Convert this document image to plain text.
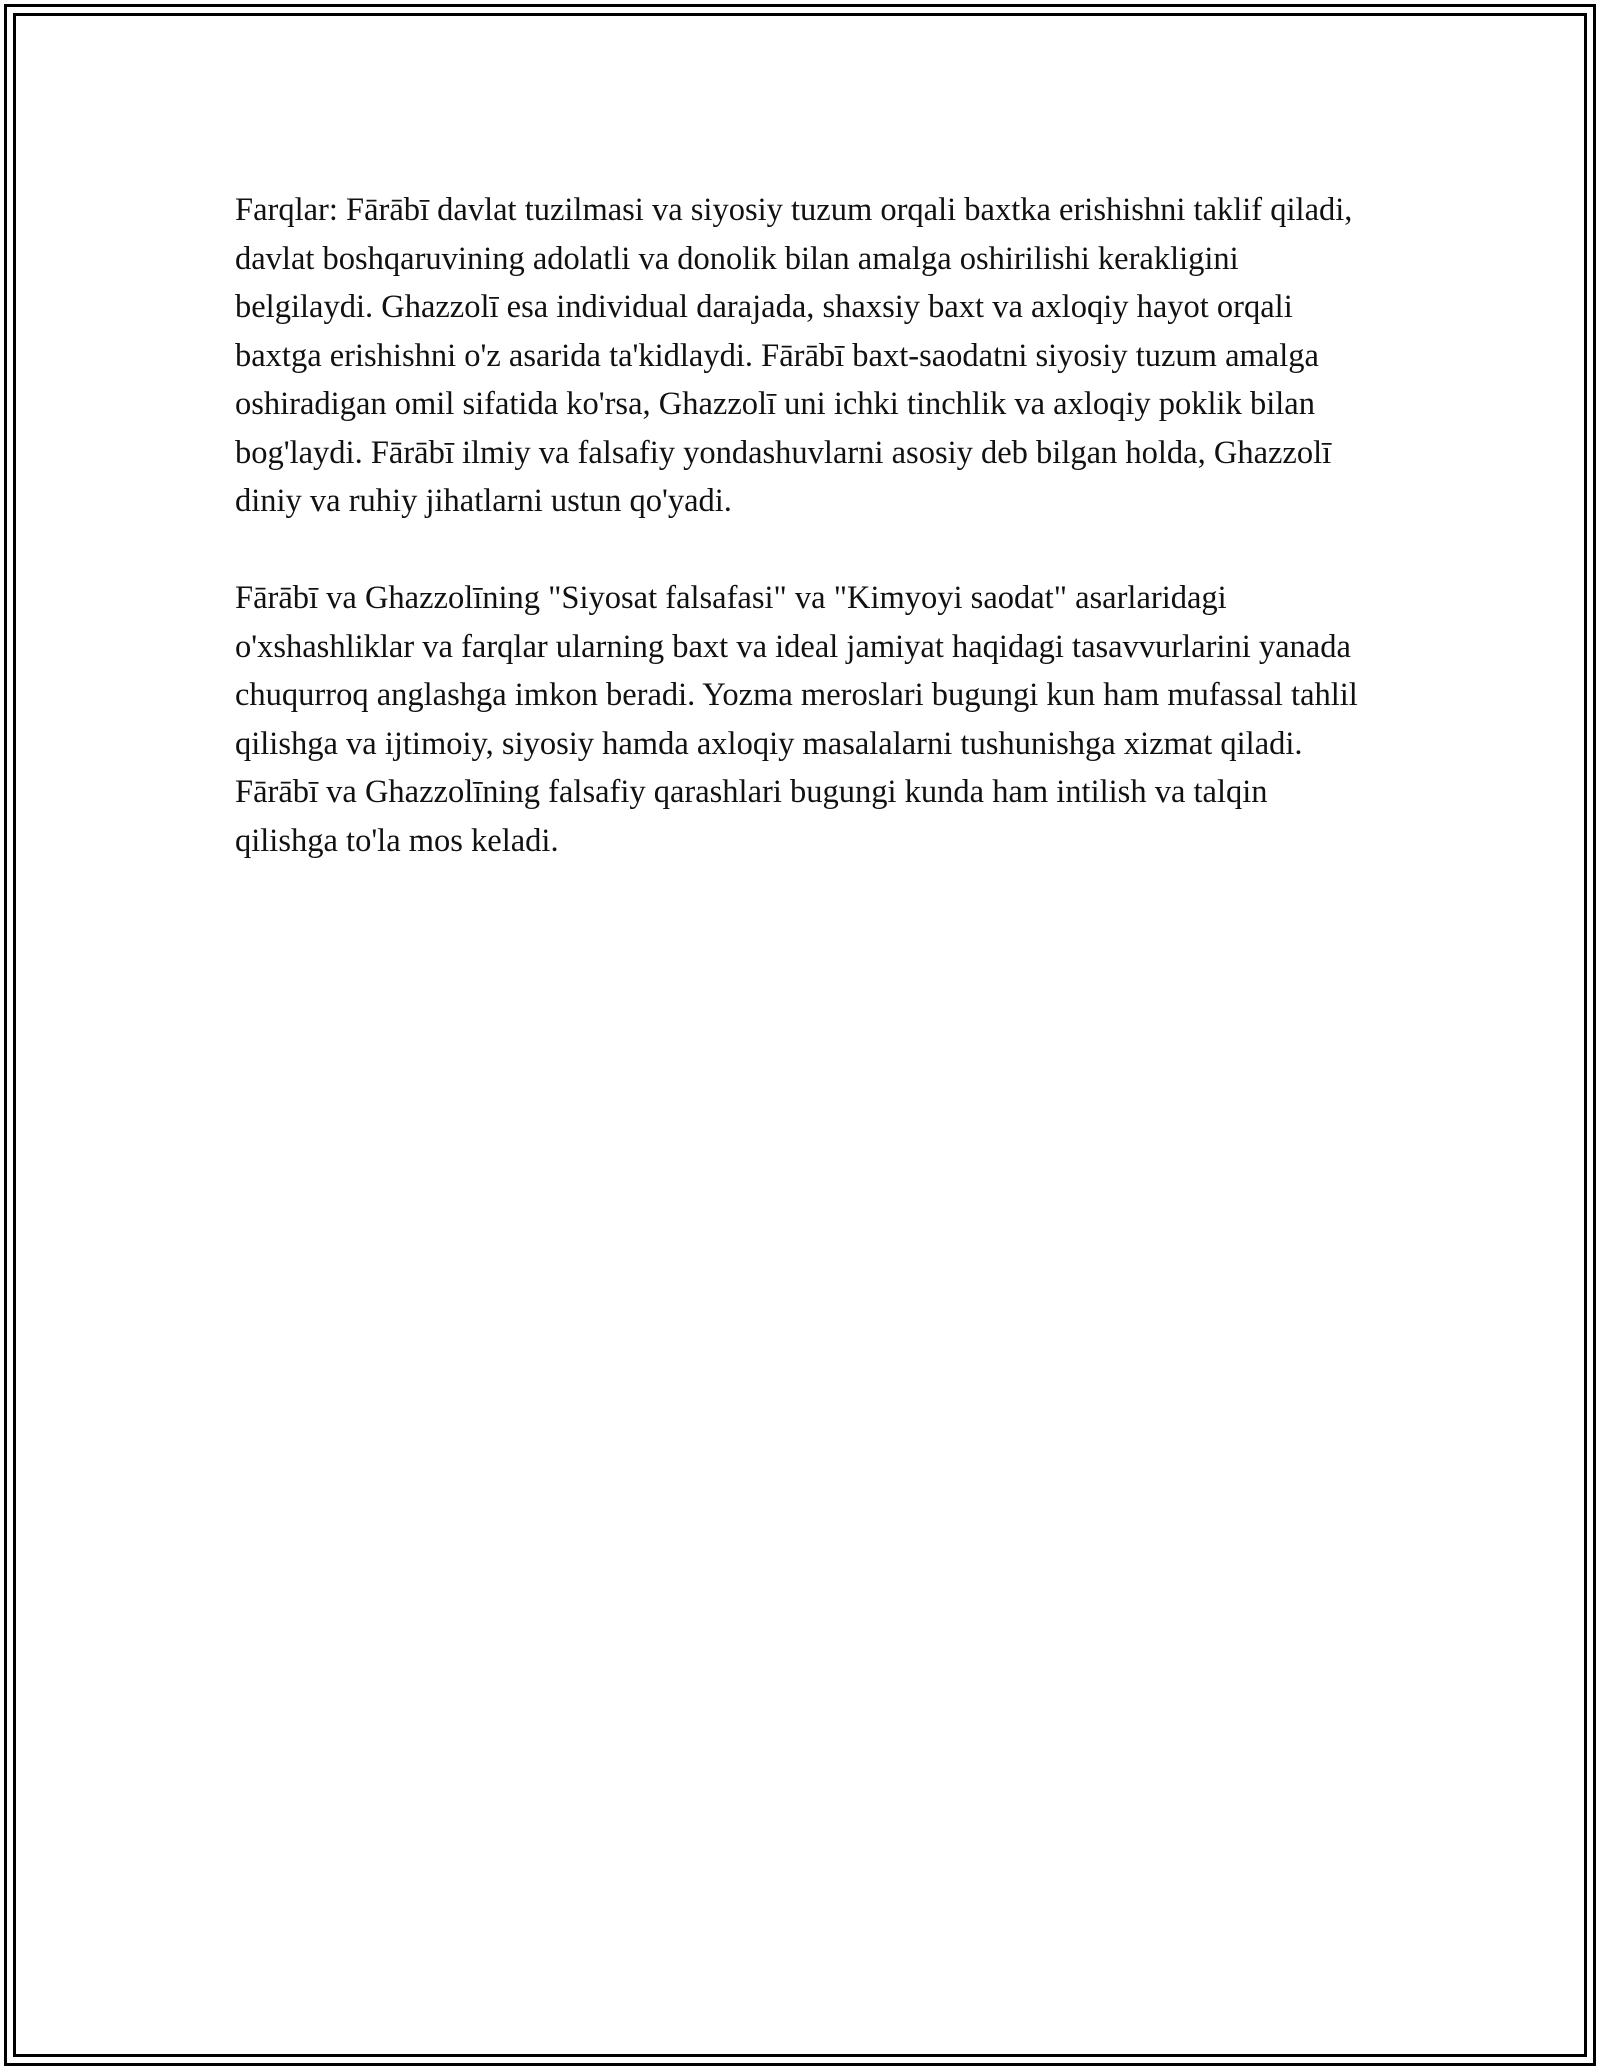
Farqlar: Fārābī davlat tuzilmasi va siyosiy tuzum orqali baxtka erishishni taklif qiladi, davlat boshqaruvining adolatli va donolik bilan amalga oshirilishi kerakligini belgilaydi. Ghazzolī esa individual darajada, shaxsiy baxt va axloqiy hayot orqali baxtga erishishni o'z asarida ta'kidlaydi. Fārābī baxt-saodatni siyosiy tuzum amalga oshiradigan omil sifatida ko'rsa, Ghazzolī uni ichki tinchlik va axloqiy poklik bilan bog'laydi. Fārābī ilmiy va falsafiy yondashuvlarni asosiy deb bilgan holda, Ghazzolī diniy va ruhiy jihatlarni ustun qo'yadi.

Fārābī va Ghazzolīning "Siyosat falsafasi" va "Kimyoyi saodat" asarlaridagi o'xshashliklar va farqlar ularning baxt va ideal jamiyat haqidagi tasavvurlarini yanada chuqurroq anglashga imkon beradi. Yozma meroslari bugungi kun ham mufassal tahlil qilishga va ijtimoiy, siyosiy hamda axloqiy masalalarni tushunishga xizmat qiladi. Fārābī va Ghazzolīning falsafiy qarashlari bugungi kunda ham intilish va talqin qilishga to'la mos keladi.
